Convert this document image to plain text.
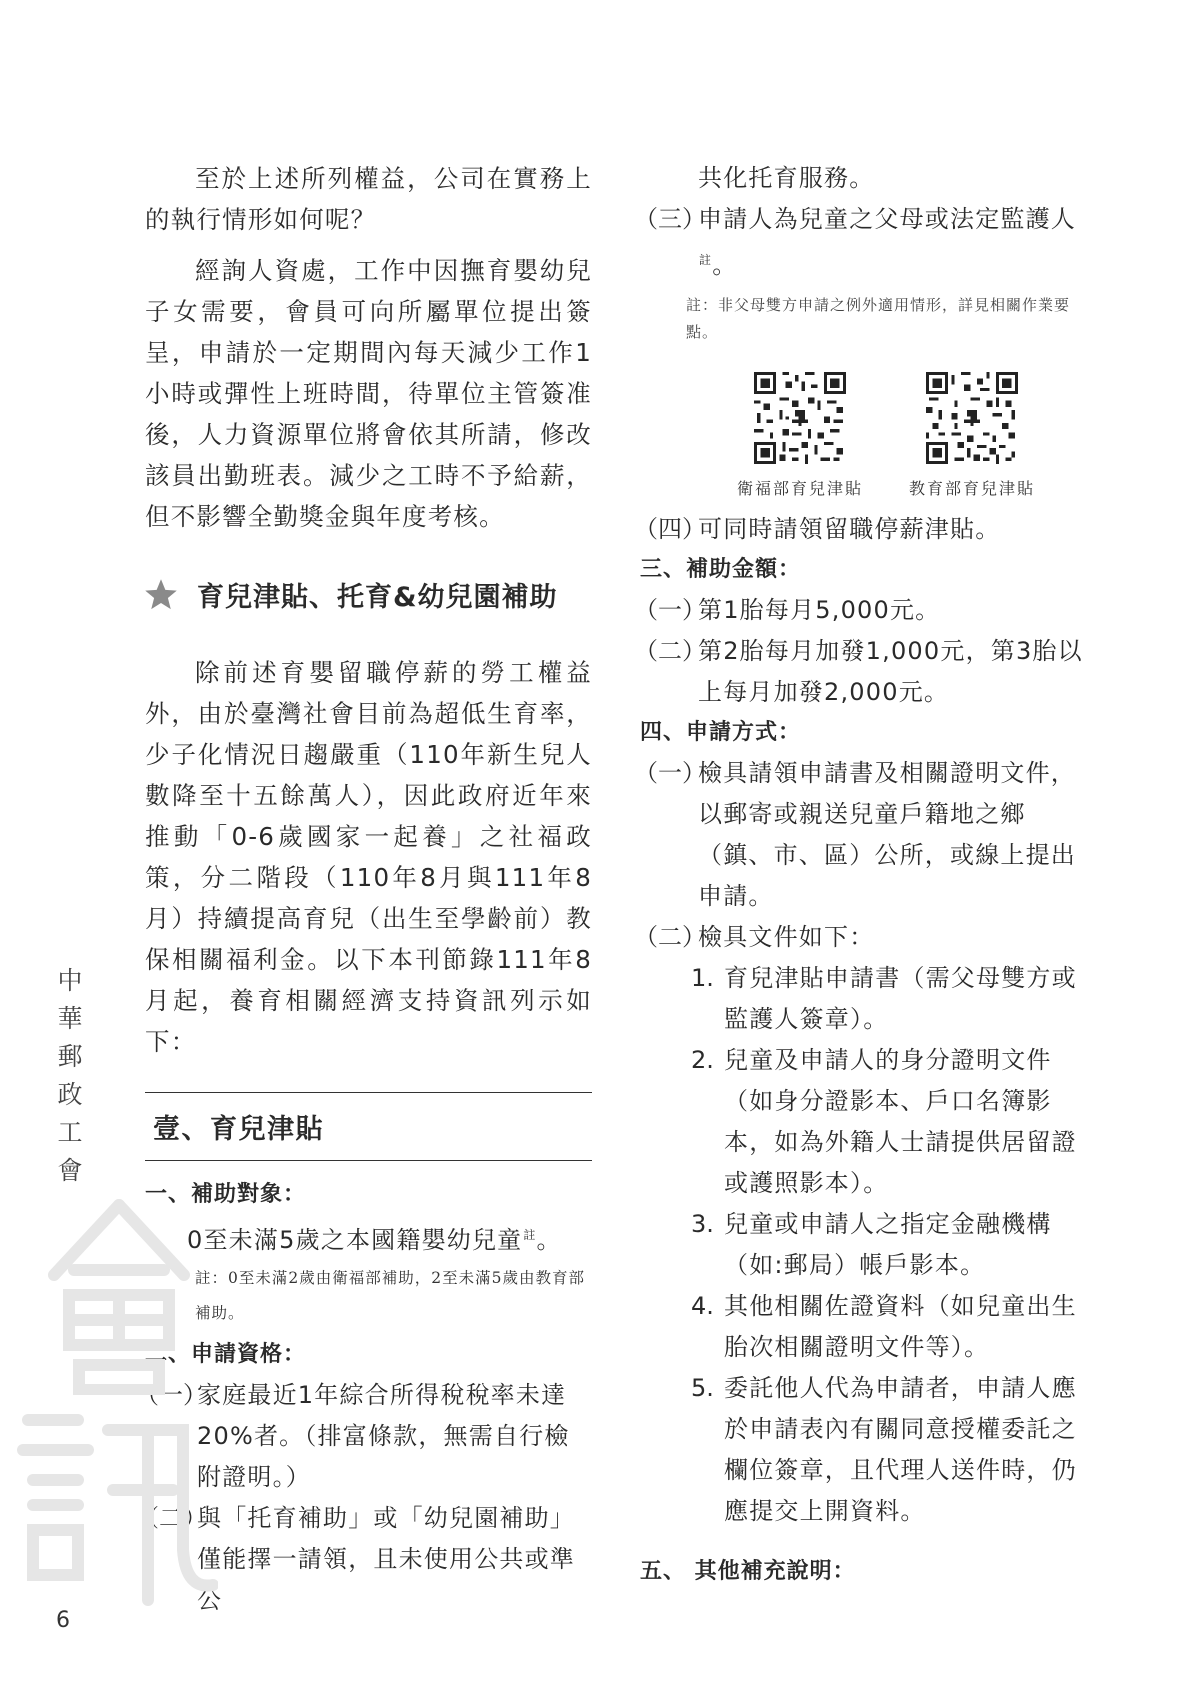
至於上述所列權益，公司在實務上的執行情形如何呢？

經詢人資處，工作中因撫育嬰幼兒子女需要，會員可向所屬單位提出簽呈，申請於一定期間內每天減少工作1小時或彈性上班時間，待單位主管簽准後，人力資源單位將會依其所請，修改該員出勤班表。減少之工時不予給薪，但不影響全勤獎金與年度考核。

育兒津貼、托育&幼兒園補助

除前述育嬰留職停薪的勞工權益外，由於臺灣社會目前為超低生育率，少子化情況日趨嚴重（110年新生兒人數降至十五餘萬人），因此政府近年來推動「0-6歲國家一起養」之社福政策，分二階段（110年8月與111年8月）持續提高育兒（出生至學齡前）教保相關福利金。以下本刊節錄111年8月起，養育相關經濟支持資訊列示如下：

壹、育兒津貼
一、補助對象：
0至未滿5歲之本國籍嬰幼兒童$^註$。
註：0至未滿2歲由衛福部補助，2至未滿5歲由教育部補助。
二、申請資格：
（一）
家庭最近1年綜合所得稅稅率未達20%者。（排富條款，無需自行檢附證明。）
（二）
與「托育補助」或「幼兒園補助」僅能擇一請領，且未使用公共或準公
共化托育服務。
（三）
申請人為兒童之父母或法定監護人$^註$。
註：非父母雙方申請之例外適用情形，詳見相關作業要點。
衛福部育兒津貼	教育部育兒津貼
（四）
可同時請領留職停薪津貼。
三、補助金額：
（一）
第1胎每月5,000元。
（二）
第2胎每月加發1,000元，第3胎以上每月加發2,000元。
四、申請方式：
（一）
檢具請領申請書及相關證明文件，以郵寄或親送兒童戶籍地之鄉（鎮、市、區）公所，或線上提出申請。
（二）
檢具文件如下：
1. 育兒津貼申請書（需父母雙方或監護人簽章）。
2. 兒童及申請人的身分證明文件（如身分證影本、戶口名簿影本，如為外籍人士請提供居留證或護照影本）。
3. 兒童或申請人之指定金融機構（如:郵局）帳戶影本。
4. 其他相關佐證資料（如兒童出生胎次相關證明文件等）。
5. 委託他人代為申請者，申請人應於申請表內有關同意授權委託之欄位簽章，且代理人送件時，仍應提交上開資料。
五、 其他補充說明：
中華郵政工會
6
